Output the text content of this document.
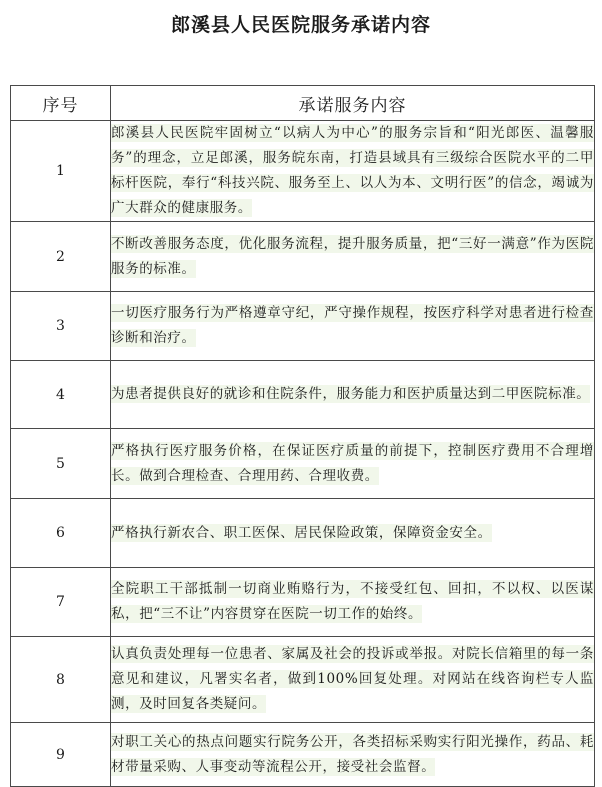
郎溪县人民医院服务承诺内容
序号	承诺服务内容
1	郎溪县人民医院牢固树立“以病人为中心”的服务宗旨和“阳光郎医、温馨服务”的理念，立足郎溪，服务皖东南，打造县域具有三级综合医院水平的二甲标杆医院，奉行“科技兴院、服务至上、以人为本、文明行医”的信念，竭诚为广大群众的健康服务。
2	不断改善服务态度，优化服务流程，提升服务质量，把“三好一满意”作为医院服务的标准。
3	一切医疗服务行为严格遵章守纪，严守操作规程，按医疗科学对患者进行检查诊断和治疗。
4	为患者提供良好的就诊和住院条件，服务能力和医护质量达到二甲医院标准。
5	严格执行医疗服务价格，在保证医疗质量的前提下，控制医疗费用不合理增长。做到合理检查、合理用药、合理收费。
6	严格执行新农合、职工医保、居民保险政策，保障资金安全。
7	全院职工干部抵制一切商业贿赂行为，不接受红包、回扣，不以权、以医谋私，把“三不让”内容贯穿在医院一切工作的始终。
8	认真负责处理每一位患者、家属及社会的投诉或举报。对院长信箱里的每一条意见和建议，凡署实名者，做到100%回复处理。对网站在线咨询栏专人监测，及时回复各类疑问。
9	对职工关心的热点问题实行院务公开，各类招标采购实行阳光操作，药品、耗材带量采购、人事变动等流程公开，接受社会监督。
